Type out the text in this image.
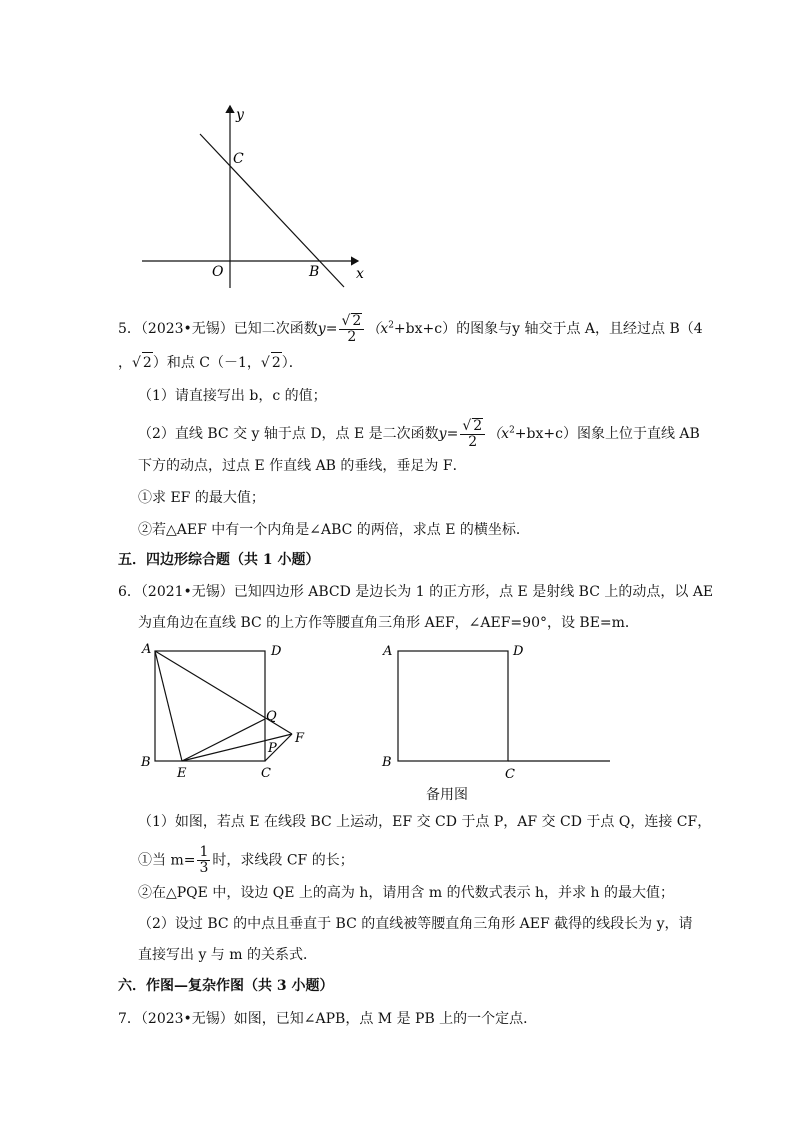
y
C
O	B	x
5．（2023•无锡）已知二次函数$y= \frac{√ 2}{2} (x^2+bx+c)$的图象与y 轴交于点 A，且经过点 B（4
，√ 2）和点 C（－1，√ 2）．
（1）请直接写出 b，c 的值；
（2）直线 BC 交 y 轴于点 D，点 E 是二次函数$y= \frac{√ 2}{2} (x^2+bx+c)$图象上位于直线 AB
下方的动点，过点 E 作直线 AB 的垂线，垂足为 F．
①求 EF 的最大值；
②若△AEF 中有一个内角是∠ABC 的两倍，求点 E 的横坐标．
五．四边形综合题（共 1 小题）
6．（2021•无锡）已知四边形 ABCD 是边长为 1 的正方形，点 E 是射线 BC 上的动点，以 AE
为直角边在直线 BC 的上方作等腰直角三角形 AEF，∠AEF=90°，设 BE=m．
A	D
Q
F
P
B
E	C
A	D
B
C
备用图
（1）如图，若点 E 在线段 BC 上运动，EF 交 CD 于点 P，AF 交 CD 于点 Q，连接 CF，
①当 $m= \frac{1}{3}$ 时，求线段 CF 的长；
②在△PQE 中，设边 QE 上的高为 h，请用含 m 的代数式表示 h，并求 h 的最大值；
（2）设过 BC 的中点且垂直于 BC 的直线被等腰直角三角形 AEF 截得的线段长为 y，请
直接写出 y 与 m 的关系式．
六．作图—复杂作图（共 3 小题）
7．（2023•无锡）如图，已知∠APB，点 M 是 PB 上的一个定点．
